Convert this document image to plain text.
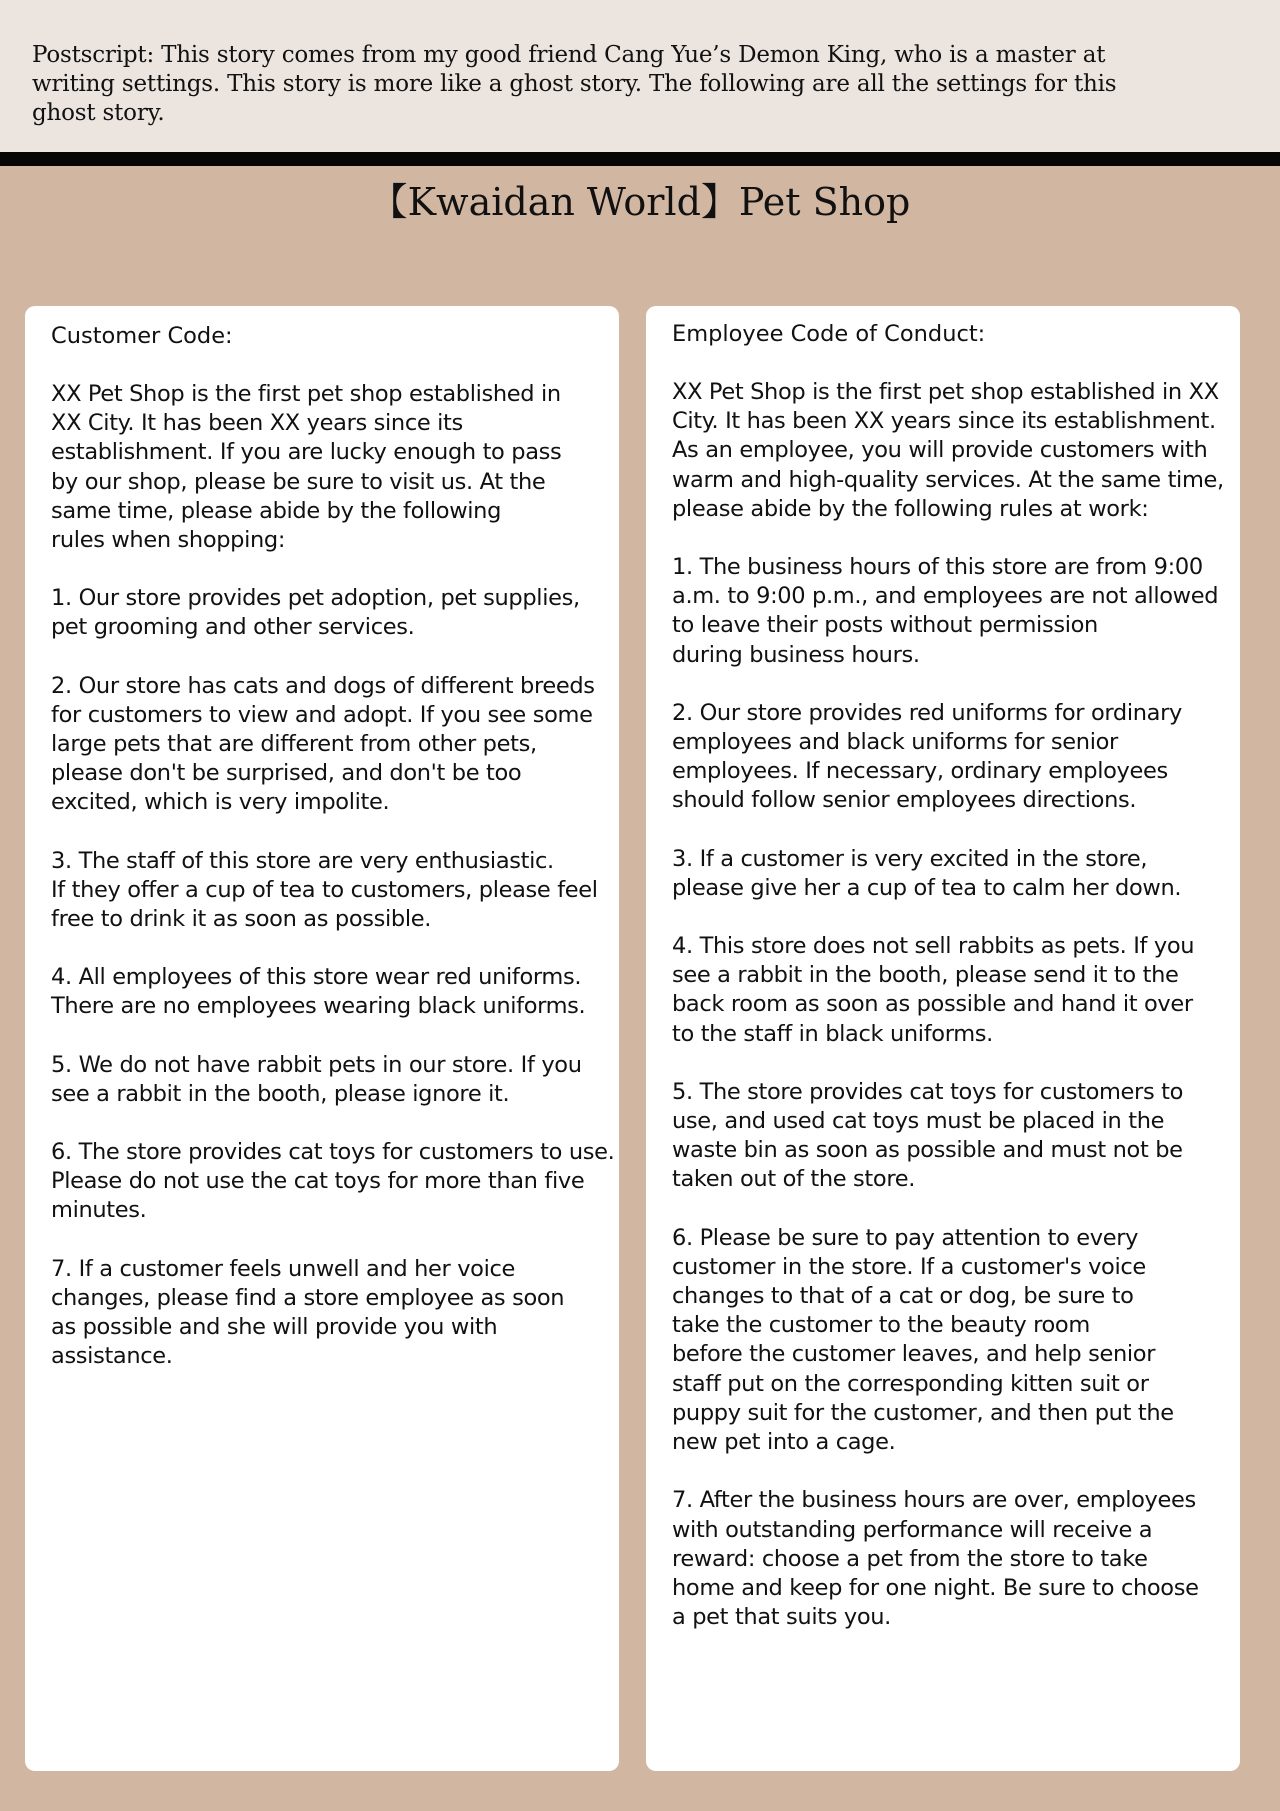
Postscript: This story comes from my good friend Cang Yue’s Demon King, who is a master at
writing settings. This story is more like a ghost story. The following are all the settings for this
ghost story.

【Kwaidan World】Pet Shop
Customer Code:

XX Pet Shop is the first pet shop established in
XX City. It has been XX years since its
establishment. If you are lucky enough to pass
by our shop, please be sure to visit us. At the
same time, please abide by the following
rules when shopping:

1. Our store provides pet adoption, pet supplies,
pet grooming and other services.

2. Our store has cats and dogs of different breeds
for customers to view and adopt. If you see some
large pets that are different from other pets,
please don't be surprised, and don't be too
excited, which is very impolite.

3. The staff of this store are very enthusiastic.
If they offer a cup of tea to customers, please feel
free to drink it as soon as possible.

4. All employees of this store wear red uniforms.
There are no employees wearing black uniforms.

5. We do not have rabbit pets in our store. If you
see a rabbit in the booth, please ignore it.

6. The store provides cat toys for customers to use.
Please do not use the cat toys for more than five
minutes.

7. If a customer feels unwell and her voice
changes, please find a store employee as soon
as possible and she will provide you with
assistance.

Employee Code of Conduct:

XX Pet Shop is the first pet shop established in XX
City. It has been XX years since its establishment.
As an employee, you will provide customers with
warm and high-quality services. At the same time,
please abide by the following rules at work:

1. The business hours of this store are from 9:00
a.m. to 9:00 p.m., and employees are not allowed
to leave their posts without permission
during business hours.

2. Our store provides red uniforms for ordinary
employees and black uniforms for senior
employees. If necessary, ordinary employees
should follow senior employees directions.

3. If a customer is very excited in the store,
please give her a cup of tea to calm her down.

4. This store does not sell rabbits as pets. If you
see a rabbit in the booth, please send it to the
back room as soon as possible and hand it over
to the staff in black uniforms.

5. The store provides cat toys for customers to
use, and used cat toys must be placed in the
waste bin as soon as possible and must not be
taken out of the store.

6. Please be sure to pay attention to every
customer in the store. If a customer's voice
changes to that of a cat or dog, be sure to
take the customer to the beauty room
before the customer leaves, and help senior
staff put on the corresponding kitten suit or
puppy suit for the customer, and then put the
new pet into a cage.

7. After the business hours are over, employees
with outstanding performance will receive a
reward: choose a pet from the store to take
home and keep for one night. Be sure to choose
a pet that suits you.
